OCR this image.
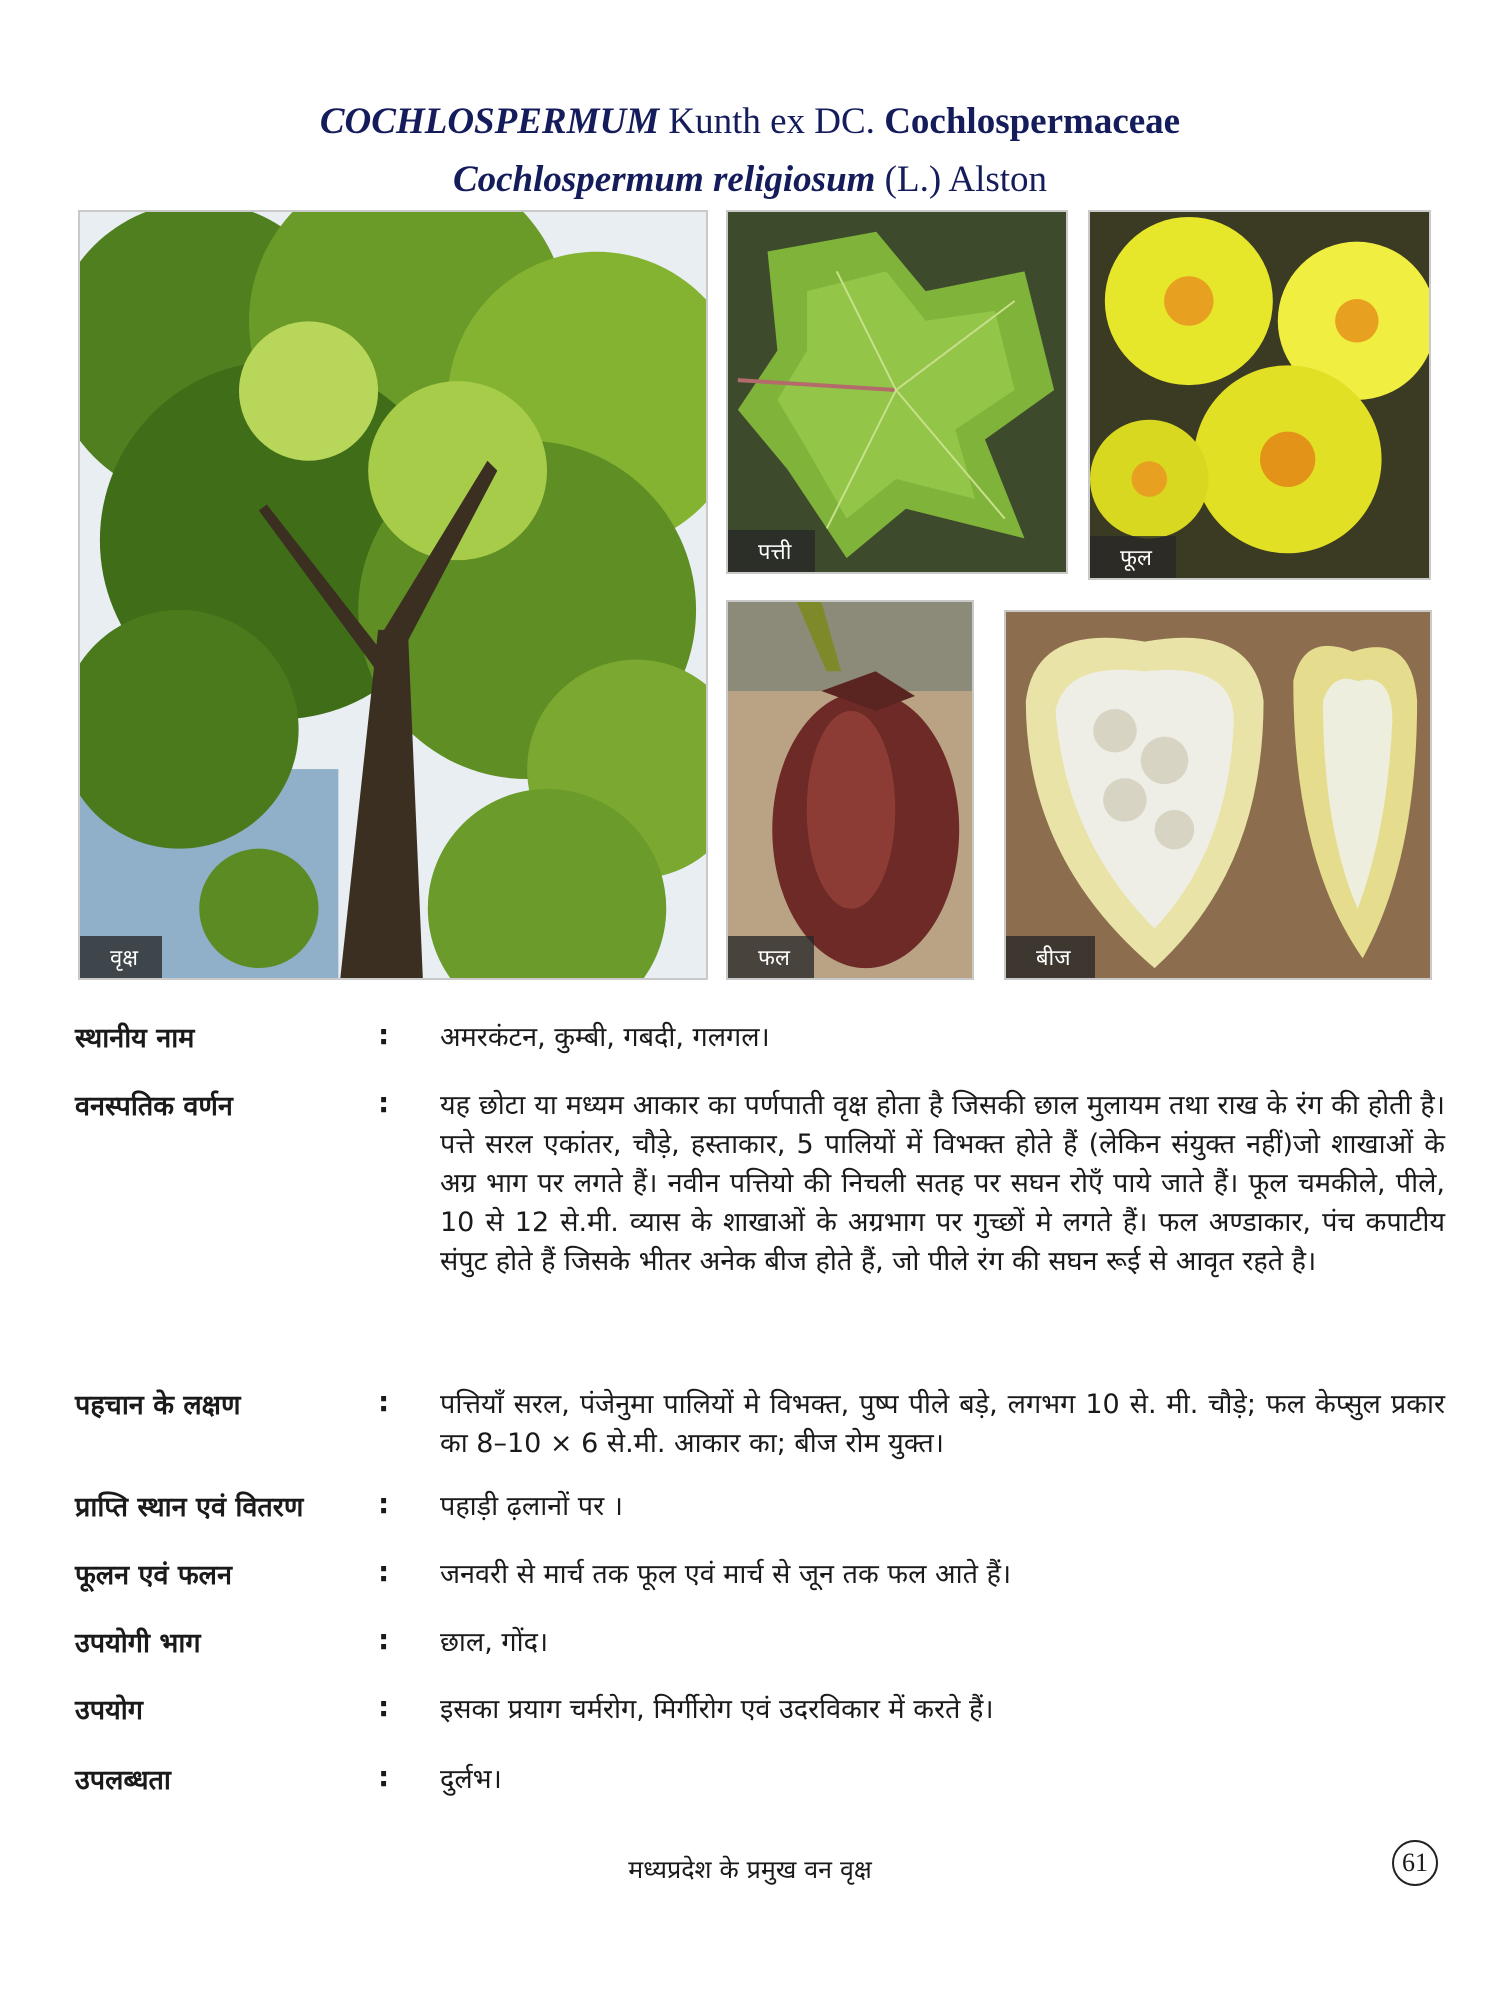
COCHLOSPERMUM Kunth ex DC. Cochlospermaceae
Cochlospermum religiosum (L.) Alston
वृक्ष
पत्ती	फूल
फल	बीज
स्थानीय नाम	: अमरकंटन, कुम्बी, गबदी, गलगल।
वनस्पतिक वर्णन	: यह छोटा या मध्यम आकार का पर्णपाती वृक्ष होता है जिसकी छाल मुलायम तथा राख के रंग की होती है। पत्ते सरल एकांतर, चौड़े, हस्ताकार, 5 पालियों में विभक्त होते हैं (लेकिन संयुक्त नहीं)जो शाखाओं के अग्र भाग पर लगते हैं। नवीन पत्तियो की निचली सतह पर सघन रोएँ पाये जाते हैं। फूल चमकीले, पीले, 10 से 12 से.मी. व्यास के शाखाओं के अग्रभाग पर गुच्छों मे लगते हैं। फल अण्डाकार, पंच कपाटीय संपुट होते हैं जिसके भीतर अनेक बीज होते हैं, जो पीले रंग की सघन रूई से आवृत रहते है।
पहचान के लक्षण	: पत्तियाँ सरल, पंजेनुमा पालियों मे विभक्त, पुष्प पीले बड़े, लगभग 10 से. मी. चौड़े; फल केप्सुल प्रकार का 8–10 × 6 से.मी. आकार का; बीज रोम युक्त।
प्राप्ति स्थान एवं वितरण	: पहाड़ी ढ़लानों पर ।
फूलन एवं फलन	: जनवरी से मार्च तक फूल एवं मार्च से जून तक फल आते हैं।
उपयोगी भाग	: छाल, गोंद।
उपयोग	: इसका प्रयाग चर्मरोग, मिर्गीरोग एवं उदरविकार में करते हैं।
उपलब्धता	: दुर्लभ।
मध्यप्रदेश के प्रमुख वन वृक्ष	61
